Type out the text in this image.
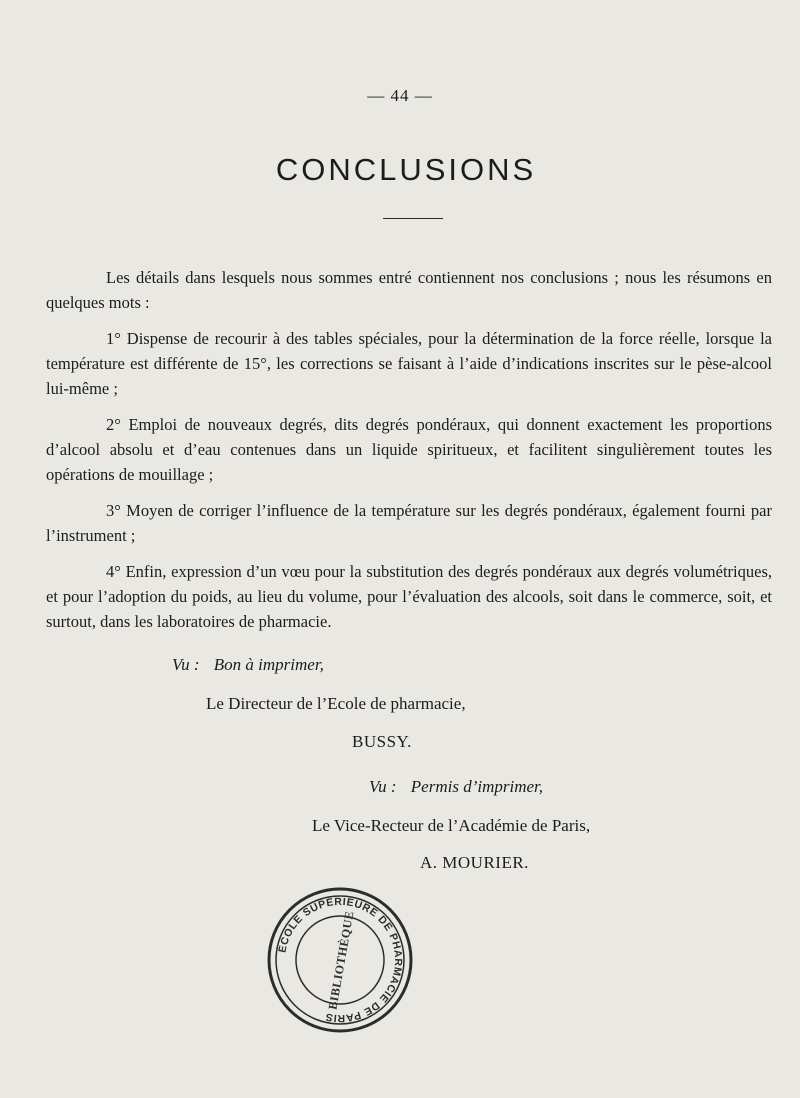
— 44 —
CONCLUSIONS

Les détails dans lesquels nous sommes entré contiennent nos conclusions ; nous les résumons en quelques mots :

1° Dispense de recourir à des tables spéciales, pour la détermination de la force réelle, lorsque la température est différente de 15°, les corrections se faisant à l’aide d’indications inscrites sur le pèse-alcool lui-même ;

2° Emploi de nouveaux degrés, dits degrés pondéraux, qui donnent exactement les proportions d’alcool absolu et d’eau contenues dans un liquide spiritueux, et facilitent singulièrement toutes les opérations de mouillage ;

3° Moyen de corriger l’influence de la température sur les degrés pondéraux, également fourni par l’instrument ;

4° Enfin, expression d’un vœu pour la substitution des degrés pondéraux aux degrés volumétriques, et pour l’adoption du poids, au lieu du volume, pour l’évaluation des alcools, soit dans le commerce, soit, et surtout, dans les laboratoires de pharmacie.

Vu : Bon à imprimer,
Le Directeur de l’Ecole de pharmacie,
BUSSY.
Vu : Permis d’imprimer,
Le Vice-Recteur de l’Académie de Paris,
A. MOURIER.
ÉCOLE SUPÉRIEURE DE PHARMACIE DE PARIS
BIBLIOTHÈQUE
